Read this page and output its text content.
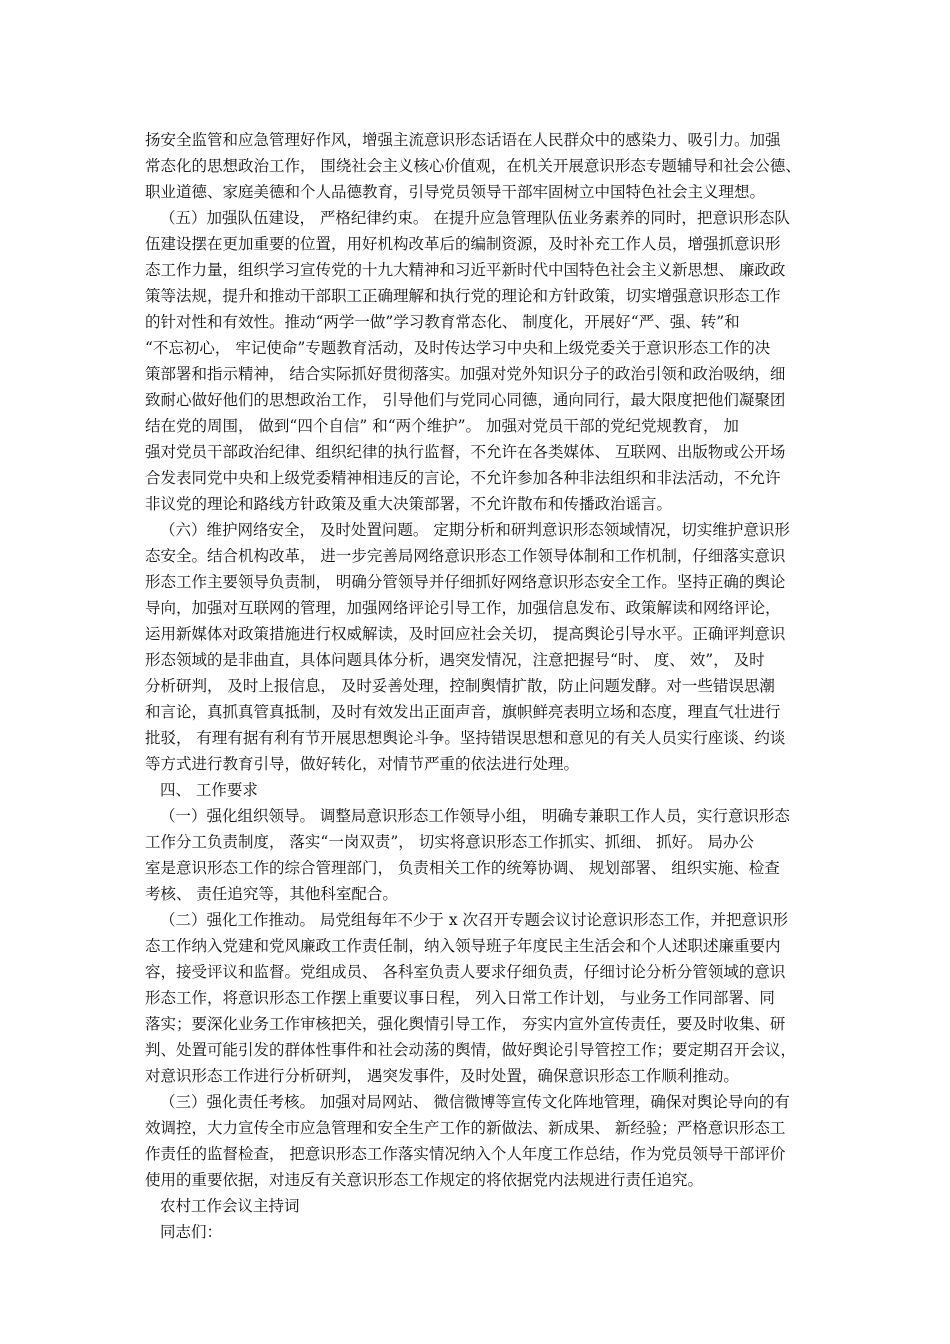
扬安全监管和应急管理好作风，增强主流意识形态话语在人民群众中的感染力、吸引力。加强
常态化的思想政治工作， 围绕社会主义核心价值观，在机关开展意识形态专题辅导和社会公德、
职业道德、家庭美德和个人品德教育，引导党员领导干部牢固树立中国特色社会主义理想。
（五）加强队伍建设， 严格纪律约束。 在提升应急管理队伍业务素养的同时，把意识形态队
伍建设摆在更加重要的位置，用好机构改革后的编制资源，及时补充工作人员，增强抓意识形
态工作力量，组织学习宣传党的十九大精神和习近平新时代中国特色社会主义新思想、 廉政政
策等法规，提升和推动干部职工正确理解和执行党的理论和方针政策，切实增强意识形态工作
的针对性和有效性。推动“两学一做”学习教育常态化、 制度化，开展好“严、强、转”和
“不忘初心， 牢记使命”专题教育活动，及时传达学习中央和上级党委关于意识形态工作的决
策部署和指示精神， 结合实际抓好贯彻落实。加强对党外知识分子的政治引领和政治吸纳，细
致耐心做好他们的思想政治工作， 引导他们与党同心同德，通向同行，最大限度把他们凝聚团
结在党的周围， 做到“四个自信” 和“两个维护”。 加强对党员干部的党纪党规教育， 加
强对党员干部政治纪律、组织纪律的执行监督，不允许在各类媒体、 互联网、出版物或公开场
合发表同党中央和上级党委精神相违反的言论，不允许参加各种非法组织和非法活动，不允许
非议党的理论和路线方针政策及重大决策部署，不允许散布和传播政治谣言。
（六）维护网络安全， 及时处置问题。 定期分析和研判意识形态领域情况，切实维护意识形
态安全。结合机构改革， 进一步完善局网络意识形态工作领导体制和工作机制，仔细落实意识
形态工作主要领导负责制， 明确分管领导并仔细抓好网络意识形态安全工作。坚持正确的舆论
导向，加强对互联网的管理，加强网络评论引导工作，加强信息发布、政策解读和网络评论，
运用新媒体对政策措施进行权威解读，及时回应社会关切， 提高舆论引导水平。正确评判意识
形态领域的是非曲直，具体问题具体分析，遇突发情况，注意把握号“时、 度、 效”， 及时
分析研判， 及时上报信息， 及时妥善处理，控制舆情扩散，防止问题发酵。对一些错误思潮
和言论，真抓真管真抵制，及时有效发出正面声音，旗帜鲜亮表明立场和态度，理直气壮进行
批驳， 有理有据有利有节开展思想舆论斗争。坚持错误思想和意见的有关人员实行座谈、约谈
等方式进行教育引导，做好转化，对情节严重的依法进行处理。
四、 工作要求
（一）强化组织领导。 调整局意识形态工作领导小组， 明确专兼职工作人员，实行意识形态
工作分工负责制度， 落实“一岗双责”， 切实将意识形态工作抓实、抓细、 抓好。 局办公
室是意识形态工作的综合管理部门， 负责相关工作的统筹协调、 规划部署、 组织实施、检查
考核、 责任追究等，其他科室配合。
（二）强化工作推动。 局党组每年不少于 x 次召开专题会议讨论意识形态工作，并把意识形
态工作纳入党建和党风廉政工作责任制，纳入领导班子年度民主生活会和个人述职述廉重要内
容，接受评议和监督。党组成员、 各科室负责人要求仔细负责，仔细讨论分析分管领域的意识
形态工作，将意识形态工作摆上重要议事日程， 列入日常工作计划， 与业务工作同部署、同
落实；要深化业务工作审核把关，强化舆情引导工作， 夯实内宣外宣传责任，要及时收集、研
判、处置可能引发的群体性事件和社会动荡的舆情，做好舆论引导管控工作；要定期召开会议，
对意识形态工作进行分析研判， 遇突发事件，及时处置，确保意识形态工作顺利推动。
（三）强化责任考核。 加强对局网站、 微信微博等宣传文化阵地管理，确保对舆论导向的有
效调控，大力宣传全市应急管理和安全生产工作的新做法、新成果、 新经验；严格意识形态工
作责任的监督检查， 把意识形态工作落实情况纳入个人年度工作总结，作为党员领导干部评价
使用的重要依据，对违反有关意识形态工作规定的将依据党内法规进行责任追究。
农村工作会议主持词
同志们：
